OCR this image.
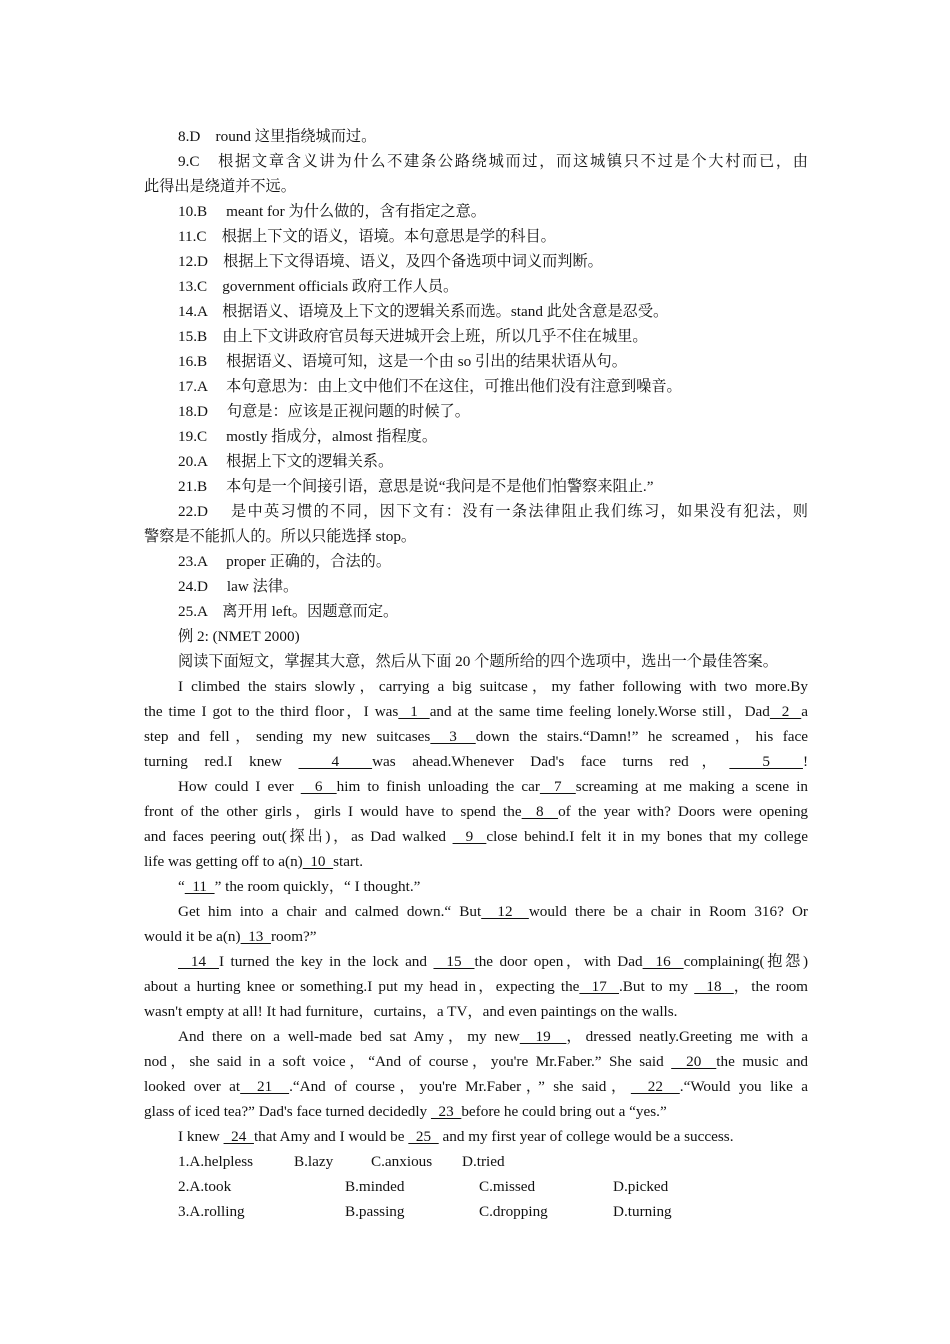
8.D　round 这里指绕城而过。
9.C　根据文章含义讲为什么不建条公路绕城而过，而这城镇只不过是个大村而已，由
此得出是绕道并不远。
10.B　 meant for 为什么做的，含有指定之意。
11.C　根据上下文的语义，语境。本句意思是学的科目。
12.D　根据上下文得语境、语义，及四个备选项中词义而判断。
13.C　government officials 政府工作人员。
14.A　根据语义、语境及上下文的逻辑关系而选。stand 此处含意是忍受。
15.B　由上下文讲政府官员每天进城开会上班，所以几乎不住在城里。
16.B　 根据语义、语境可知，这是一个由 so 引出的结果状语从句。
17.A　 本句意思为：由上文中他们不在这住，可推出他们没有注意到噪音。
18.D　 句意是：应该是正视问题的时候了。
19.C　 mostly 指成分，almost 指程度。
20.A　 根据上下文的逻辑关系。
21.B　 本句是一个间接引语，意思是说“我问是不是他们怕警察来阻止.”
22.D　 是中英习惯的不同，因下文有：没有一条法律阻止我们练习，如果没有犯法，则
警察是不能抓人的。所以只能选择 stop。
23.A　 proper 正确的，合法的。
24.D　 law 法律。
25.A　离开用 left。因题意而定。
例 2: (NMET 2000)
阅读下面短文，掌握其大意，然后从下面 20 个题所给的四个选项中，选出一个最佳答案。
I climbed the stairs slowly，carrying a big suitcase，my father following with two more.By
the time I got to the third floor，I was  1  and at the same time feeling lonely.Worse still，Dad  2  a
step and fell，sending my new suitcases  3  down the stairs.“Damn!” he screamed，his face
turning red.I knew   4  was ahead.Whenever Dad's face turns red，  5  !
How could I ever   6  him to finish unloading the car  7  screaming at me making a scene in
front of the other girls，girls I would have to spend the  8  of the year with? Doors were opening
and faces peering out(探出)，as Dad walked   9  close behind.I felt it in my bones that my college
life was getting off to a(n)  10  start.
“  11  ” the room quickly，“ I thought.”
Get him into a chair and calmed down.“ But  12  would there be a chair in Room 316? Or
would it be a(n)  13  room?”
14  I turned the key in the lock and   15  the door open，with Dad  16  complaining(抱怨)
about a hurting knee or something.I put my head in，expecting the  17  .But to my   18  ，the room
wasn't empty at all! It had furniture，curtains，a TV，and even paintings on the walls.
And there on a well-made bed sat Amy，my new  19  ，dressed neatly.Greeting me with a
nod，she said in a soft voice，“And of course，you're Mr.Faber.” She said   20  the music and
looked over at  21  .“And of course，you're Mr.Faber，” she said，  22  .“Would you like a
glass of iced tea?” Dad's face turned decidedly   23  before he could bring out a “yes.”
I knew   24  that Amy and I would be   25   and my first year of college would be a success.
1.A.helpless	B.lazy C.anxious D.tried
2.A.took	B.minded	C.missed	D.picked
3.A.rolling	B.passing	C.dropping	D.turning
